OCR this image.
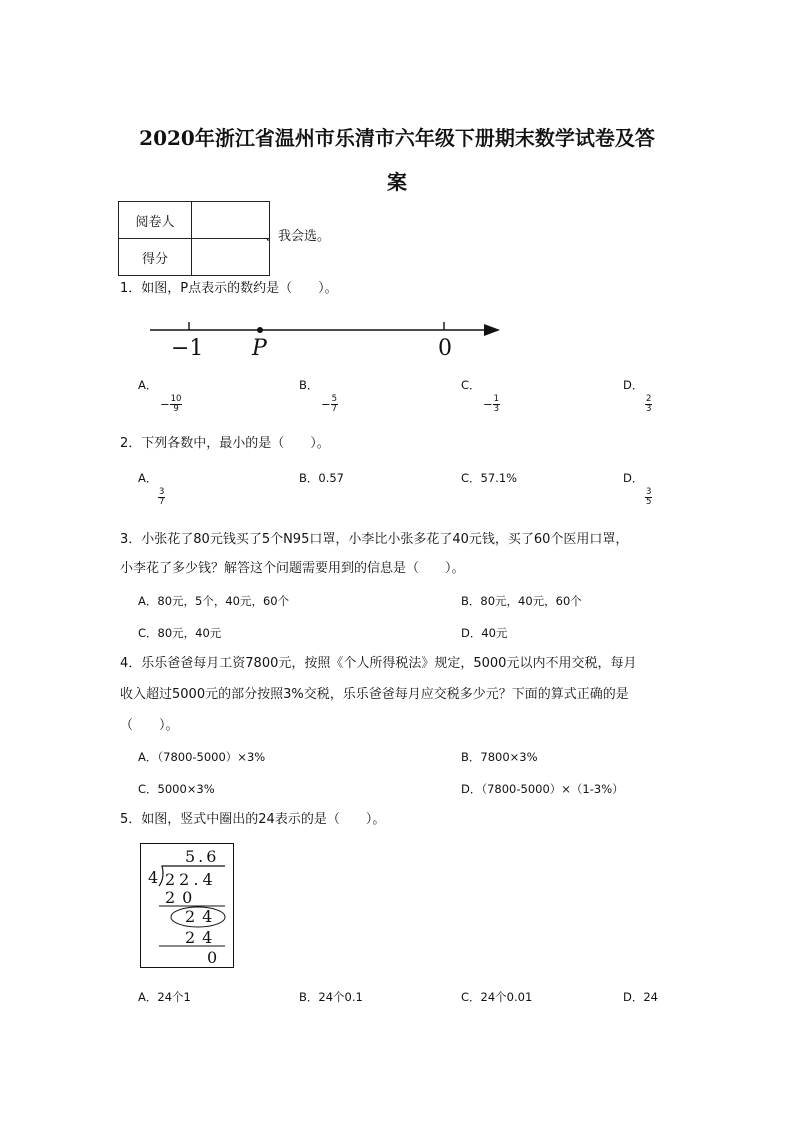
2020年浙江省温州市乐清市六年级下册期末数学试卷及答
案
阅卷人	
得分	
、我会选。
1．如图，P点表示的数约是（　　）。
−1 P	0
A．
− $\frac{10}{9}$
B．
− $\frac{5}{7}$
C．
− $\frac{1}{3}$
D．
$\frac{2}{3}$
2．下列各数中，最小的是（　　）。
A．
$\frac{3}{7}$
B．0.57	C．57.1%	D．
$\frac{3}{5}$
3．小张花了80元钱买了5个N95口罩，小李比小张多花了40元钱，买了60个医用口罩，
小李花了多少钱？解答这个问题需要用到的信息是（　　）。
A．80元，5个，40元，60个	B．80元，40元，60个
C．80元，40元	D．40元
4．乐乐爸爸每月工资7800元，按照《个人所得税法》规定，5000元以内不用交税，每月
收入超过5000元的部分按照3%交税，乐乐爸爸每月应交税多少元？下面的算式正确的是
（　　）。
A．（7800-5000）×3%	B．7800×3%
C．5000×3%	D．（7800-5000）×（1-3%）
5．如图，竖式中圈出的24表示的是（　　）。
5.6
4 22.4
20
24
24
0
A．24个1	B．24个0.1	C．24个0.01	D．24
